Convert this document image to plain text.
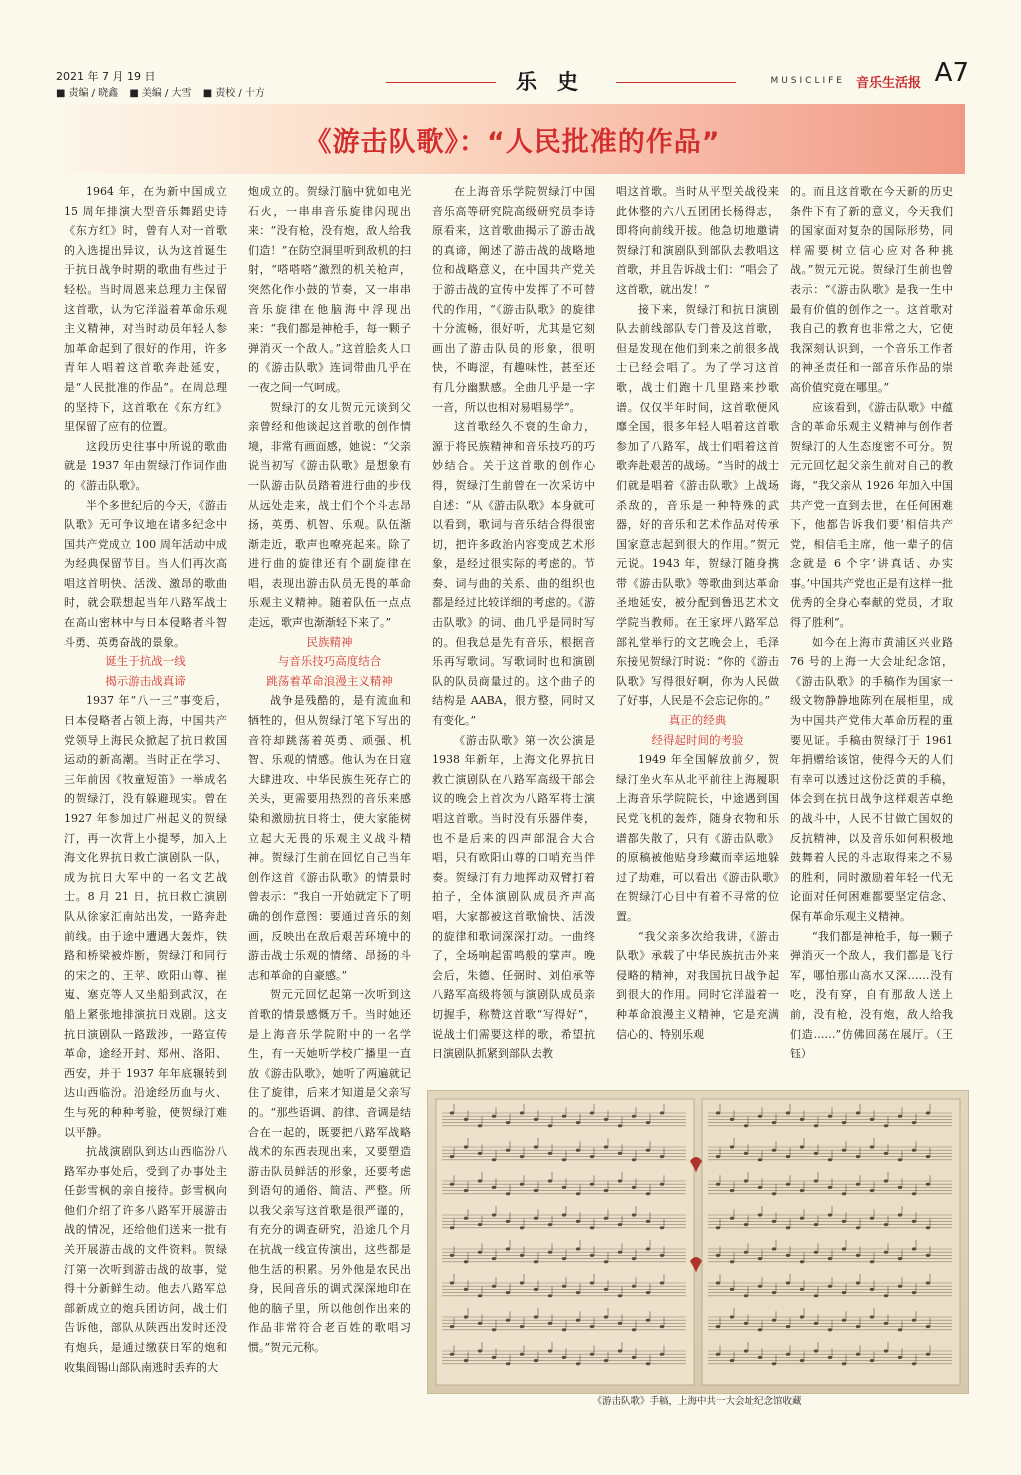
2021 年 7 月 19 日
■ 责编 / 晓鑫 ■ 美编 / 大雪 ■ 责校 / 十方	乐史	MUSICLIFE 音乐生活报 A7
《游击队歌》：“人民批准的作品”

1964 年，在为新中国成立 15 周年排演大型音乐舞蹈史诗《东方红》时，曾有人对一首歌的入选提出异议，认为这首诞生于抗日战争时期的歌曲有些过于轻松。当时周恩来总理力主保留这首歌，认为它洋溢着革命乐观主义精神，对当时动员年轻人参加革命起到了很好的作用，许多青年人唱着这首歌奔赴延安，是“人民批准的作品”。在周总理的坚持下，这首歌在《东方红》里保留了应有的位置。

这段历史往事中所说的歌曲就是 1937 年由贺绿汀作词作曲的《游击队歌》。

半个多世纪后的今天，《游击队歌》无可争议地在诸多纪念中国共产党成立 100 周年活动中成为经典保留节目。当人们再次高唱这首明快、活泼、激昂的歌曲时，就会联想起当年八路军战士在高山密林中与日本侵略者斗智斗勇、英勇奋战的景象。

诞生于抗战一线
揭示游击战真谛

1937 年“八一三”事变后，日本侵略者占领上海，中国共产党领导上海民众掀起了抗日救国运动的新高潮。当时正在学习、三年前因《牧童短笛》一举成名的贺绿汀，没有躲避现实。曾在 1927 年参加过广州起义的贺绿汀，再一次背上小提琴，加入上海文化界抗日救亡演剧队一队，成为抗日大军中的一名文艺战士。8 月 21 日，抗日救亡演剧队从徐家汇南站出发，一路奔赴前线。由于途中遭遇大轰炸，铁路和桥梁被炸断，贺绿汀和同行的宋之的、王苹、欧阳山尊、崔嵬、塞克等人又坐船到武汉，在船上紧张地排演抗日戏剧。这支抗日演剧队一路跋涉，一路宣传革命，途经开封、郑州、洛阳、西安，并于 1937 年年底辗转到达山西临汾。沿途经历血与火、生与死的种种考验，使贺绿汀难以平静。

抗战演剧队到达山西临汾八路军办事处后，受到了办事处主任彭雪枫的亲自接待。彭雪枫向他们介绍了许多八路军开展游击战的情况，还给他们送来一批有关开展游击战的文件资料。贺绿汀第一次听到游击战的故事，觉得十分新鲜生动。他去八路军总部新成立的炮兵团访问，战士们告诉他，部队从陕西出发时还没有炮兵，是通过缴获日军的炮和收集阎锡山部队南逃时丢弃的大

炮成立的。贺绿汀脑中犹如电光石火，一串串音乐旋律闪现出来：“没有枪，没有炮，敌人给我们造！”在防空洞里听到敌机的扫射，“嗒嗒嗒”激烈的机关枪声，突然化作小鼓的节奏，又一串串音乐旋律在他脑海中浮现出来：“我们都是神枪手，每一颗子弹消灭一个敌人。”这首脍炙人口的《游击队歌》连词带曲几乎在一夜之间一气呵成。

贺绿汀的女儿贺元元谈到父亲曾经和他谈起这首歌的创作情境，非常有画面感，她说：“父亲说当初写《游击队歌》是想象有一队游击队员踏着进行曲的步伐从远处走来，战士们个个斗志昂扬，英勇、机智、乐观。队伍渐渐走近，歌声也嘹亮起来。除了进行曲的旋律还有个副旋律在唱，表现出游击队员无畏的革命乐观主义精神。随着队伍一点点走远，歌声也渐渐轻下来了。”

民族精神
与音乐技巧高度结合
跳荡着革命浪漫主义精神

战争是残酷的，是有流血和牺牲的，但从贺绿汀笔下写出的音符却跳荡着英勇、顽强、机智、乐观的情感。他认为在日寇大肆进攻、中华民族生死存亡的关头，更需要用热烈的音乐来感染和激励抗日将士，使大家能树立起大无畏的乐观主义战斗精神。贺绿汀生前在回忆自己当年创作这首《游击队歌》的情景时曾表示：“我自一开始就定下了明确的创作意图：要通过音乐的刻画，反映出在敌后艰苦环境中的游击战士乐观的情绪、昂扬的斗志和革命的自豪感。”

贺元元回忆起第一次听到这首歌的情景感慨万千。当时她还是上海音乐学院附中的一名学生，有一天她听学校广播里一直放《游击队歌》，她听了两遍就记住了旋律，后来才知道是父亲写的。“那些语调、韵律、音调是结合在一起的，既要把八路军战略战术的东西表现出来，又要塑造游击队员鲜活的形象，还要考虑到语句的通俗、简洁、严整。所以我父亲写这首歌是很严谨的，有充分的调查研究，沿途几个月在抗战一线宣传演出，这些都是他生活的积累。另外他是农民出身，民间音乐的调式深深地印在他的脑子里，所以他创作出来的作品非常符合老百姓的歌唱习惯。”贺元元称。

在上海音乐学院贺绿汀中国音乐高等研究院高级研究员李诗原看来，这首歌曲揭示了游击战的真谛，阐述了游击战的战略地位和战略意义，在中国共产党关于游击战的宣传中发挥了不可替代的作用，“《游击队歌》的旋律十分流畅，很好听，尤其是它刻画出了游击队员的形象，很明快，不晦涩，有趣味性，甚至还有几分幽默感。全曲几乎是一字一音，所以也相对易唱易学”。

这首歌经久不衰的生命力，源于将民族精神和音乐技巧的巧妙结合。关于这首歌的创作心得，贺绿汀生前曾在一次采访中自述：“从《游击队歌》本身就可以看到，歌词与音乐结合得很密切，把许多政治内容变成艺术形象，是经过很实际的考虑的。节奏、词与曲的关系、曲的组织也都是经过比较详细的考虑的。《游击队歌》的词、曲几乎是同时写的。但我总是先有音乐，根据音乐再写歌词。写歌词时也和演剧队的队员商量过的。这个曲子的结构是 AABA，很方整，同时又有变化。”

《游击队歌》第一次公演是 1938 年新年，上海文化界抗日救亡演剧队在八路军高级干部会议的晚会上首次为八路军将士演唱这首歌。当时没有乐器伴奏，也不是后来的四声部混合大合唱，只有欧阳山尊的口哨充当伴奏。贺绿汀有力地挥动双臂打着拍子，全体演剧队成员齐声高唱，大家都被这首歌愉快、活泼的旋律和歌词深深打动。一曲终了，全场响起雷鸣般的掌声。晚会后，朱德、任弼时、刘伯承等八路军高级将领与演剧队成员亲切握手，称赞这首歌“写得好”，说战士们需要这样的歌，希望抗日演剧队抓紧到部队去教

唱这首歌。当时从平型关战役来此休整的六八五团团长杨得志，即将向前线开拔。他急切地邀请贺绿汀和演剧队到部队去教唱这首歌，并且告诉战士们：“唱会了这首歌，就出发！”

接下来，贺绿汀和抗日演剧队去前线部队专门普及这首歌，但是发现在他们到来之前很多战士已经会唱了。为了学习这首歌，战士们跑十几里路来抄歌谱。仅仅半年时间，这首歌便风靡全国，很多年轻人唱着这首歌参加了八路军，战士们唱着这首歌奔赴艰苦的战场。“当时的战士们就是唱着《游击队歌》上战场杀敌的，音乐是一种特殊的武器，好的音乐和艺术作品对传承国家意志起到很大的作用。”贺元元说。1943 年，贺绿汀随身携带《游击队歌》等歌曲到达革命圣地延安，被分配到鲁迅艺术文学院当教师。在王家坪八路军总部礼堂举行的文艺晚会上，毛泽东接见贺绿汀时说：“你的《游击队歌》写得很好啊，你为人民做了好事，人民是不会忘记你的。”

真正的经典
经得起时间的考验

1949 年全国解放前夕，贺绿汀坐火车从北平前往上海履职上海音乐学院院长，中途遇到国民党飞机的轰炸，随身衣物和乐谱都失散了，只有《游击队歌》的原稿被他贴身珍藏而幸运地躲过了劫难，可以看出《游击队歌》在贺绿汀心目中有着不寻常的位置。

“我父亲多次给我讲，《游击队歌》承载了中华民族抗击外来侵略的精神，对我国抗日战争起到很大的作用。同时它洋溢着一种革命浪漫主义精神，它是充满信心的、特别乐观

的。而且这首歌在今天新的历史条件下有了新的意义，今天我们的国家面对复杂的国际形势，同样需要树立信心应对各种挑战。”贺元元说。贺绿汀生前也曾表示：“《游击队歌》是我一生中最有价值的创作之一。这首歌对我自己的教育也非常之大，它使我深刻认识到，一个音乐工作者的神圣责任和一部音乐作品的崇高价值究竟在哪里。”

应该看到，《游击队歌》中蕴含的革命乐观主义精神与创作者贺绿汀的人生态度密不可分。贺元元回忆起父亲生前对自己的教诲，“我父亲从 1926 年加入中国共产党一直到去世，在任何困难下，他都告诉我们要‘相信共产党，相信毛主席，他一辈子的信念就是 6 个字‘讲真话、办实事。’中国共产党也正是有这样一批优秀的全身心奉献的党员，才取得了胜利”。

如今在上海市黄浦区兴业路 76 号的上海一大会址纪念馆，《游击队歌》的手稿作为国家一级文物静静地陈列在展柜里，成为中国共产党伟大革命历程的重要见证。手稿由贺绿汀于 1961 年捐赠给该馆，使得今天的人们有幸可以透过这份泛黄的手稿，体会到在抗日战争这样艰苦卓绝的战斗中，人民不甘做亡国奴的反抗精神，以及音乐如何积极地鼓舞着人民的斗志取得来之不易的胜利，同时激励着年轻一代无论面对任何困难都要坚定信念、保有革命乐观主义精神。

“我们都是神枪手，每一颗子弹消灭一个敌人，我们都是飞行军，哪怕那山高水又深……没有吃，没有穿，自有那敌人送上前，没有枪，没有炮，敌人给我们造……”仿佛回荡在展厅。（王钰）

《游击队歌》手稿，上海中共一大会址纪念馆收藏
